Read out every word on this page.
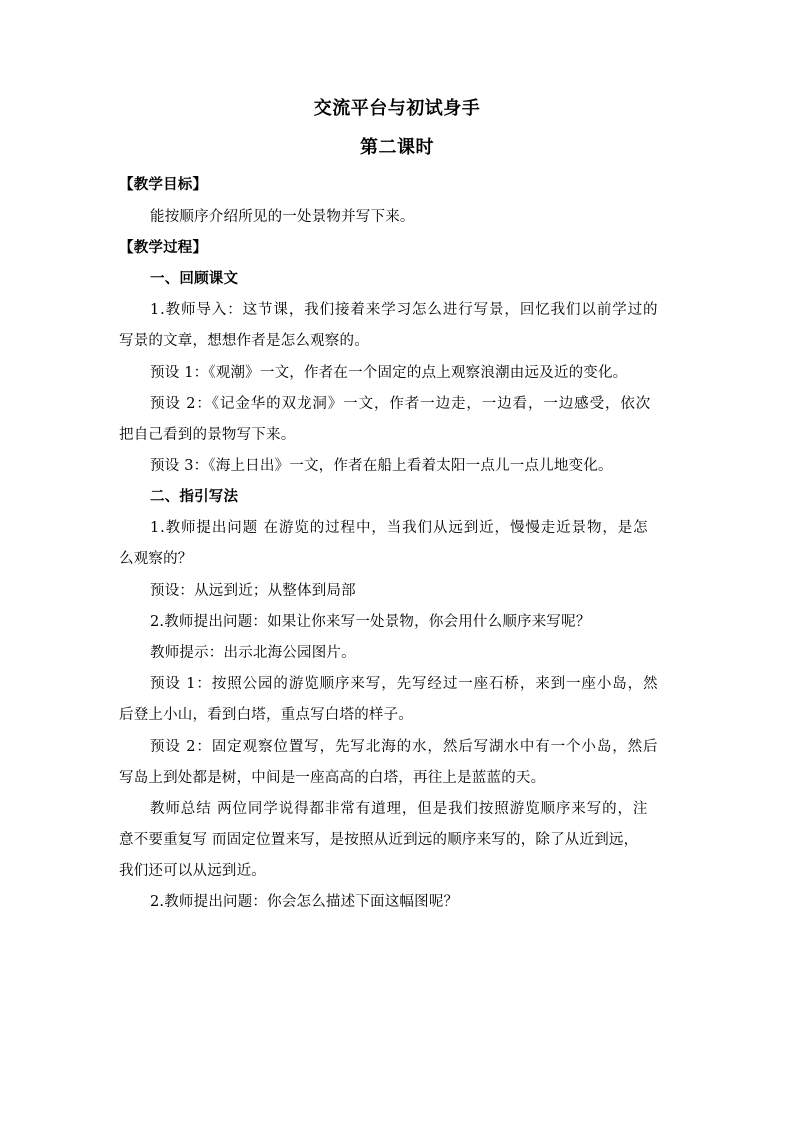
交流平台与初试身手
第二课时
【教学目标】
能按顺序介绍所见的一处景物并写下来。
【教学过程】
一、回顾课文
1.教师导入：这节课，我们接着来学习怎么进行写景，回忆我们以前学过的
写景的文章，想想作者是怎么观察的。
预设 1：《观潮》一文，作者在一个固定的点上观察浪潮由远及近的变化。
预设 2：《记金华的双龙洞》一文，作者一边走，一边看，一边感受，依次
把自己看到的景物写下来。
预设 3：《海上日出》一文，作者在船上看着太阳一点儿一点儿地变化。
二、指引写法
1.教师提出问题 在游览的过程中，当我们从远到近，慢慢走近景物，是怎
么观察的？
预设：从远到近；从整体到局部
2.教师提出问题：如果让你来写一处景物，你会用什么顺序来写呢？
教师提示：出示北海公园图片。
预设 1：按照公园的游览顺序来写，先写经过一座石桥，来到一座小岛，然
后登上小山，看到白塔，重点写白塔的样子。
预设 2：固定观察位置写，先写北海的水，然后写湖水中有一个小岛，然后
写岛上到处都是树，中间是一座高高的白塔，再往上是蓝蓝的天。
教师总结 两位同学说得都非常有道理，但是我们按照游览顺序来写的，注
意不要重复写 而固定位置来写，是按照从近到远的顺序来写的，除了从近到远，
我们还可以从远到近。
2.教师提出问题：你会怎么描述下面这幅图呢？
